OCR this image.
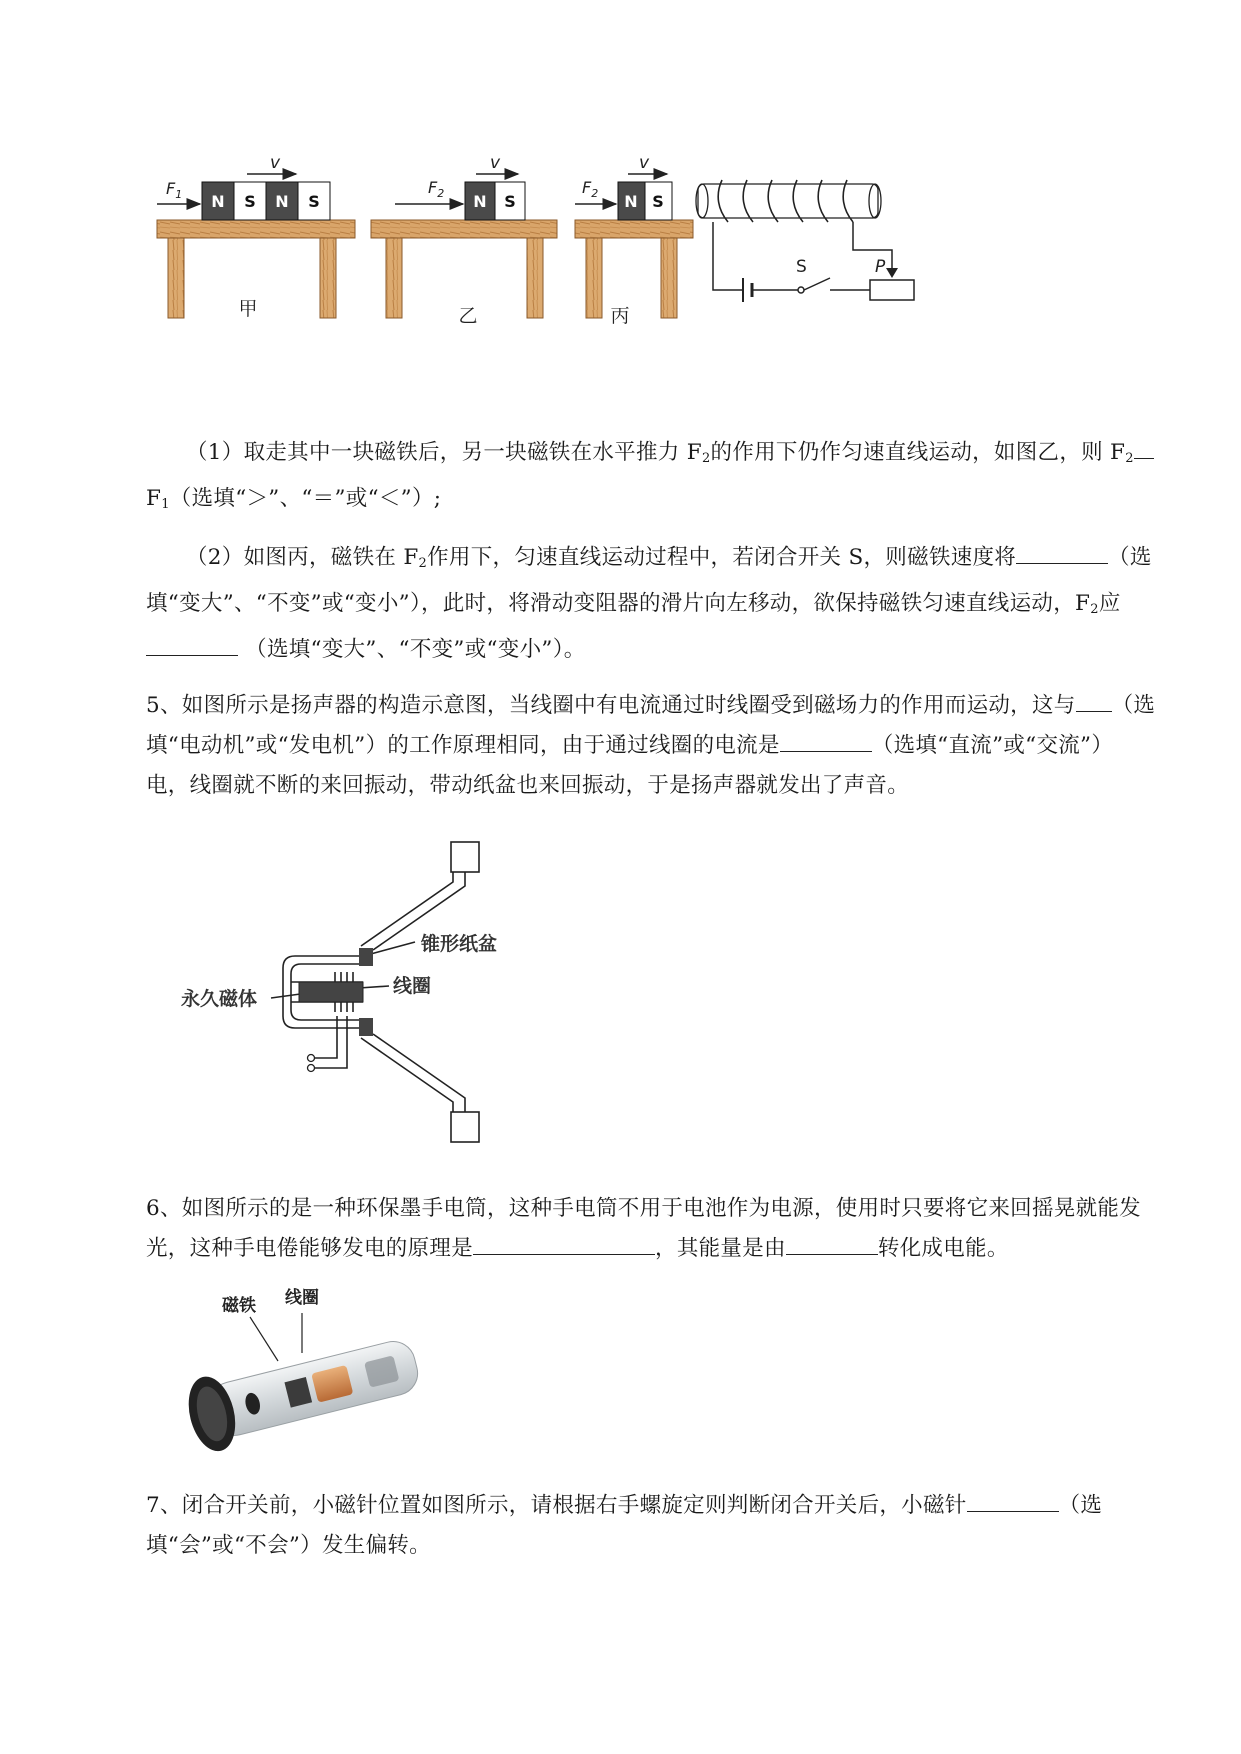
N S N S
$F_1$
v
甲
N S
$F_2$
v
乙
N S
$F_2$
v
丙
S	P
（1）取走其中一块磁铁后，另一块磁铁在水平推力 $F_2$的作用下仍作匀速直线运动，如图乙，则 $F_2$ $F_1$（选填“＞”、“＝”或“＜”）;
（2）如图丙，磁铁在 $F_2$作用下，匀速直线运动过程中，若闭合开关 S，则磁铁速度将	（选填“变大”、“不变”或“变小”），此时，将滑动变阻器的滑片向左移动，欲保持磁铁匀速直线运动，$F_2$应 （选填“变大”、“不变”或“变小”）。
5、如图所示是扬声器的构造示意图，当线圈中有电流通过时线圈受到磁场力的作用而运动，这与 （选填“电动机”或“发电机”）的工作原理相同，由于通过线圈的电流是	（选填“直流”或“交流”）电，线圈就不断的来回振动，带动纸盆也来回振动，于是扬声器就发出了声音。
锥形纸盆
线圈
永久磁体
6、如图所示的是一种环保墨手电筒，这种手电筒不用于电池作为电源，使用时只要将它来回摇晃就能发光，这种手电倦能够发电的原理是	，其能量是由	转化成电能。
磁铁 线圈
7、闭合开关前，小磁针位置如图所示，请根据右手螺旋定则判断闭合开关后，小磁针	（选填“会”或“不会”）发生偏转。
